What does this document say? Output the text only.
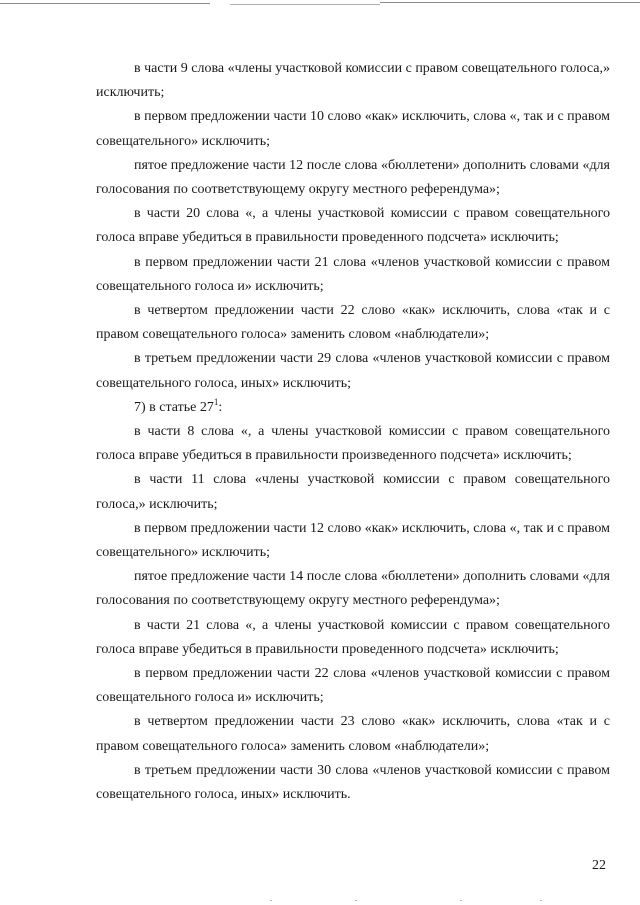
в части 9 слова «члены участковой комиссии с правом совещательного голоса,» исключить;

в первом предложении части 10 слово «как» исключить, слова «, так и с правом совещательного» исключить;

пятое предложение части 12 после слова «бюллетени» дополнить словами «для голосования по соответствующему округу местного референдума»;

в части 20 слова «, а члены участковой комиссии с правом совещательного голоса вправе убедиться в правильности проведенного подсчета» исключить;

в первом предложении части 21 слова «членов участковой комиссии с правом совещательного голоса и» исключить;

в четвертом предложении части 22 слово «как» исключить, слова «так и с правом совещательного голоса» заменить словом «наблюдатели»;

в третьем предложении части 29 слова «членов участковой комиссии с правом совещательного голоса, иных» исключить;

7) в статье $27^1$:

в части 8 слова «, а члены участковой комиссии с правом совещательного голоса вправе убедиться в правильности произведенного подсчета» исключить;

в части 11 слова «члены участковой комиссии с правом совещательного голоса,» исключить;

в первом предложении части 12 слово «как» исключить, слова «, так и с правом совещательного» исключить;

пятое предложение части 14 после слова «бюллетени» дополнить словами «для голосования по соответствующему округу местного референдума»;

в части 21 слова «, а члены участковой комиссии с правом совещательного голоса вправе убедиться в правильности проведенного подсчета» исключить;

в первом предложении части 22 слова «членов участковой комиссии с правом совещательного голоса и» исключить;

в четвертом предложении части 23 слово «как» исключить, слова «так и с правом совещательного голоса» заменить словом «наблюдатели»;

в третьем предложении части 30 слова «членов участковой комиссии с правом совещательного голоса, иных» исключить.

22
